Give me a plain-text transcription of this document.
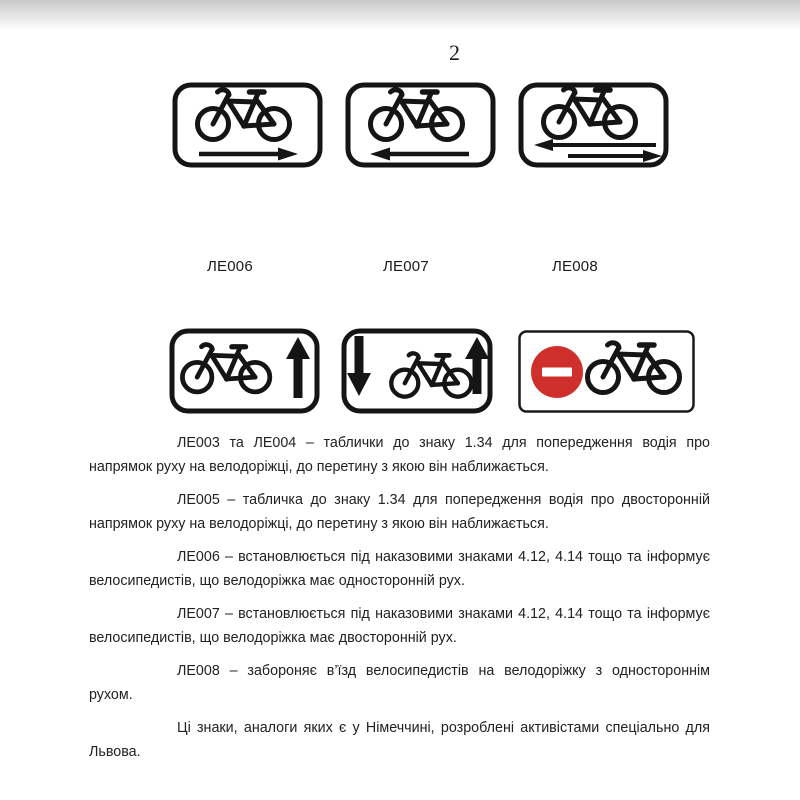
2
ЛЕ006	ЛЕ007	ЛЕ008

ЛЕ003 та ЛЕ004 – таблички до знаку 1.34 для попередження водія про напрямок руху на велодоріжці, до перетину з якою він наближається.

ЛЕ005 – табличка до знаку 1.34 для попередження водія про двосторонній напрямок руху на велодоріжці, до перетину з якою він наближається.

ЛЕ006 – встановлюється під наказовими знаками 4.12, 4.14 тощо та інформує велосипедистів, що велодоріжка має односторонній рух.

ЛЕ007 – встановлюється під наказовими знаками 4.12, 4.14 тощо та інформує велосипедистів, що велодоріжка має двосторонній рух.

ЛЕ008 – забороняє в’їзд велосипедистів на велодоріжку з одностороннім рухом.

Ці знаки, аналоги яких є у Німеччині, розроблені активістами спеціально для Львова.
